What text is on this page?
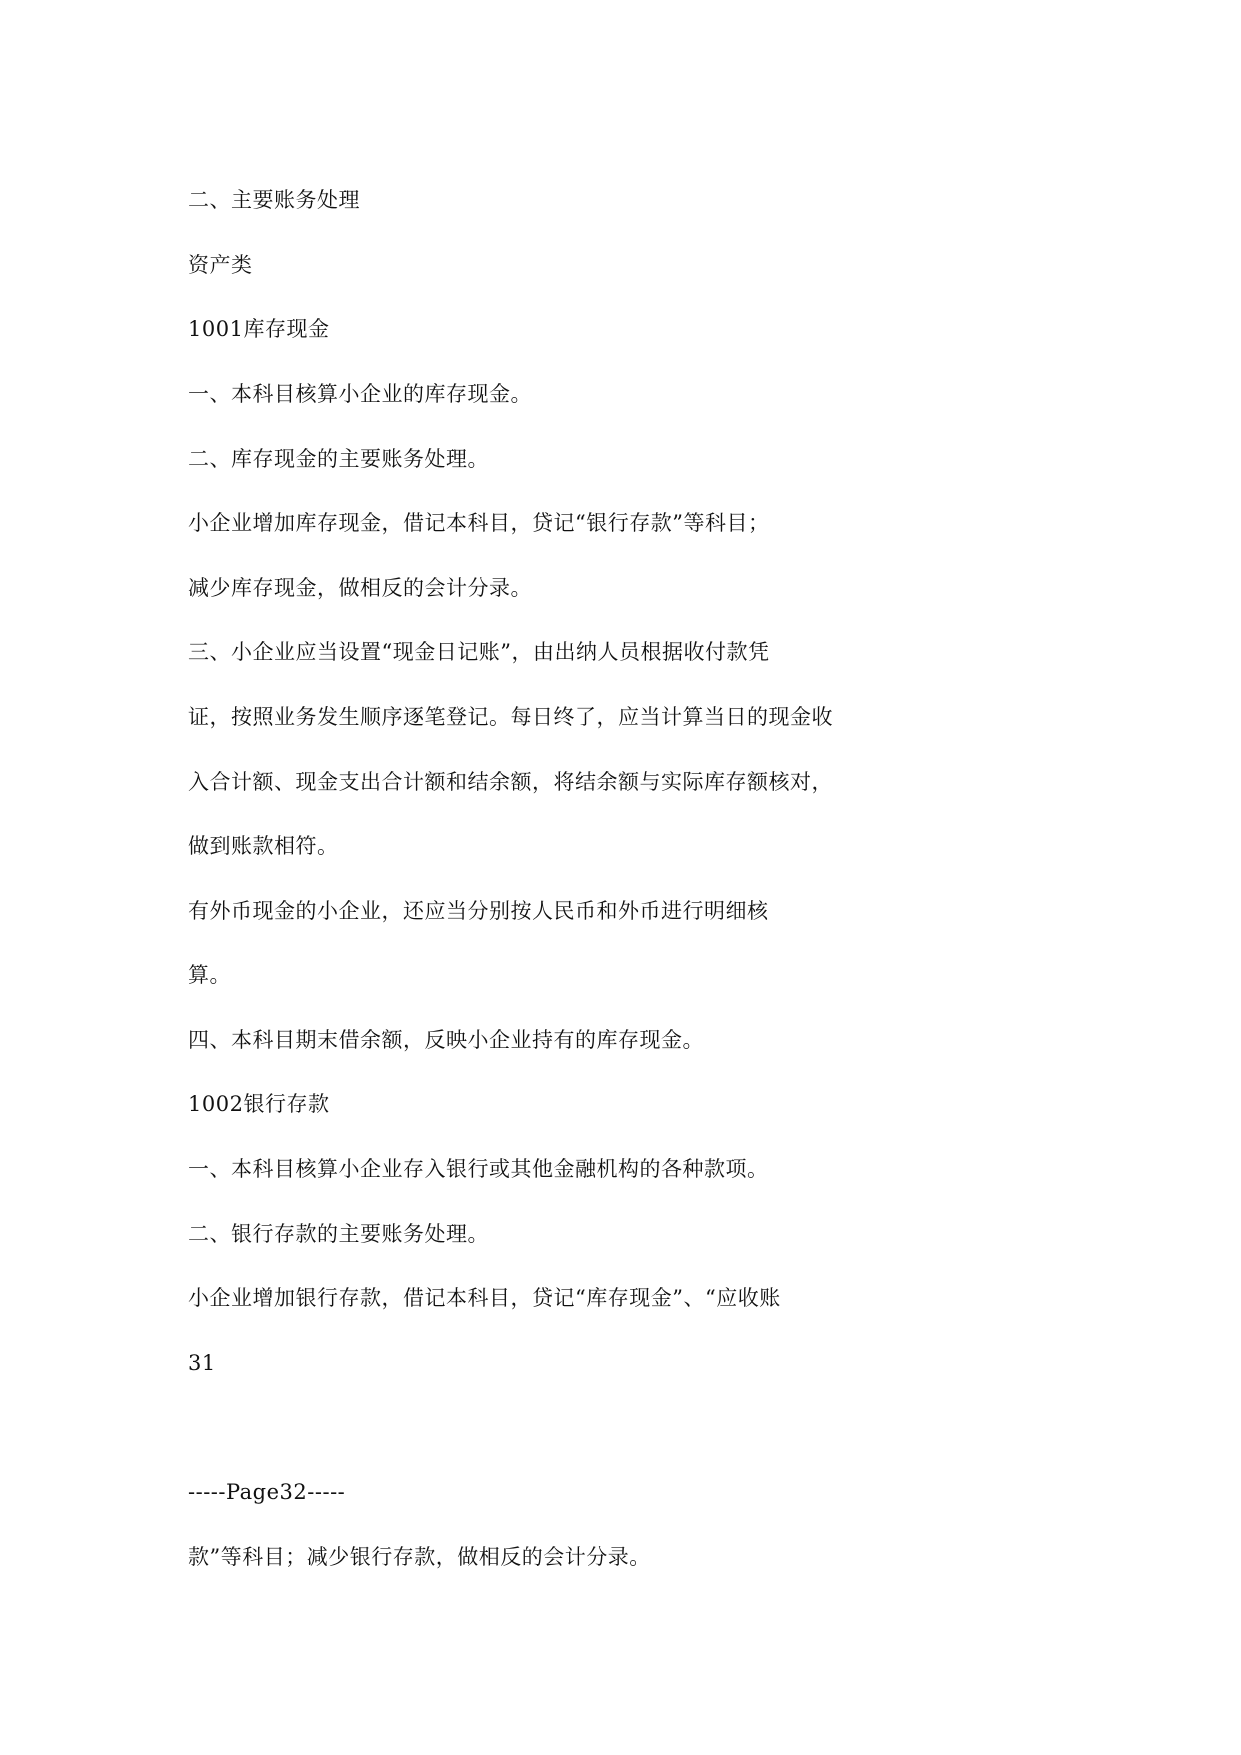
二、主要账务处理
资产类
1001库存现金
一、本科目核算小企业的库存现金。
二、库存现金的主要账务处理。
小企业增加库存现金，借记本科目，贷记“银行存款”等科目；
减少库存现金，做相反的会计分录。
三、小企业应当设置“现金日记账”，由出纳人员根据收付款凭
证，按照业务发生顺序逐笔登记。每日终了，应当计算当日的现金收
入合计额、现金支出合计额和结余额，将结余额与实际库存额核对，
做到账款相符。
有外币现金的小企业，还应当分别按人民币和外币进行明细核
算。
四、本科目期末借余额，反映小企业持有的库存现金。
1002银行存款
一、本科目核算小企业存入银行或其他金融机构的各种款项。
二、银行存款的主要账务处理。
小企业增加银行存款，借记本科目，贷记“库存现金”、“应收账
31
-----Page32-----
款”等科目；减少银行存款，做相反的会计分录。
